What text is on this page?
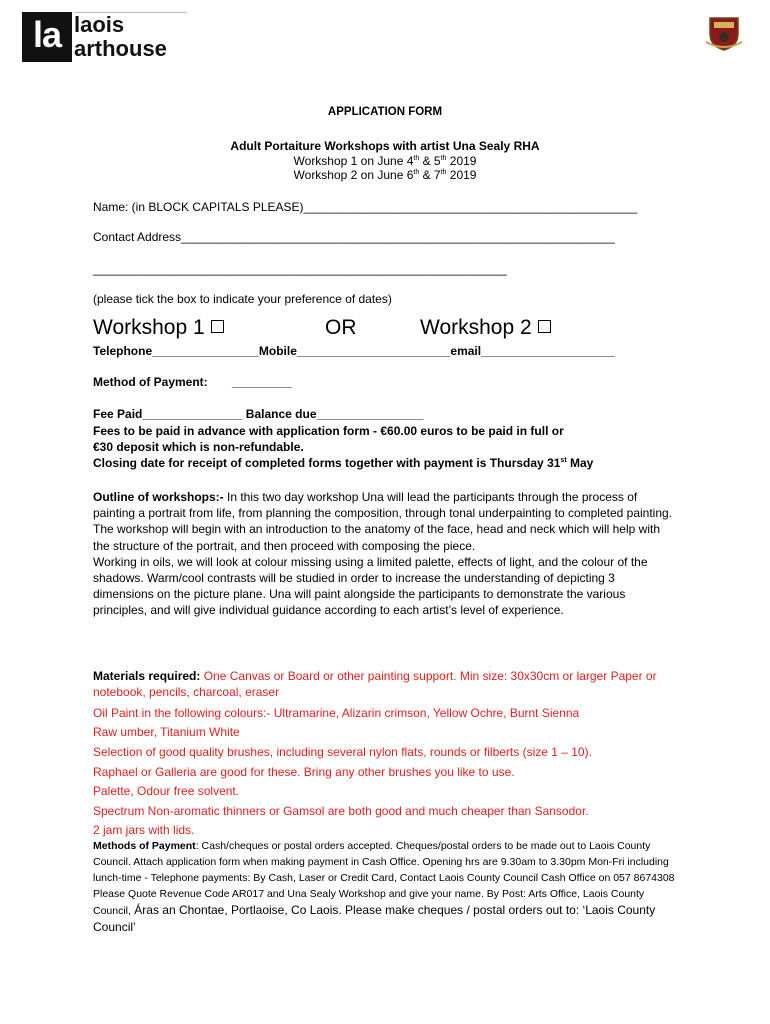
la laois
arthouse
APPLICATION FORM
Adult Portaiture Workshops with artist Una Sealy RHA
Workshop 1 on June 4th & 5th 2019
Workshop 2 on June 6th & 7th 2019
Name: (in BLOCK CAPITALS PLEASE)__________________________________________________
Contact Address_________________________________________________________________
______________________________________________________________
(please tick the box to indicate your preference of dates)
Workshop 1	OR	Workshop 2
Telephone________________Mobile_______________________email____________________
Method of Payment: _________
Fee Paid_______________ Balance due________________
Fees to be paid in advance with application form - €60.00 euros to be paid in full or
€30 deposit which is non-refundable.
Closing date for receipt of completed forms together with payment is Thursday 31st May
Outline of workshops:- In this two day workshop Una will lead the participants through the process of painting a portrait from life, from planning the composition, through tonal underpainting to completed painting.
The workshop will begin with an introduction to the anatomy of the face, head and neck which will help with the structure of the portrait, and then proceed with composing the piece.
Working in oils, we will look at colour missing using a limited palette, effects of light, and the colour of the shadows. Warm/cool contrasts will be studied in order to increase the understanding of depicting 3 dimensions on the picture plane. Una will paint alongside the participants to demonstrate the various principles, and will give individual guidance according to each artist’s level of experience.
Materials required: One Canvas or Board or other painting support. Min size: 30x30cm or larger Paper or notebook, pencils, charcoal, eraser
Oil Paint in the following colours:- Ultramarine, Alizarin crimson, Yellow Ochre, Burnt Sienna
Raw umber, Titanium White
Selection of good quality brushes, including several nylon flats, rounds or filberts (size 1 – 10).
Raphael or Galleria are good for these. Bring any other brushes you like to use.
Palette, Odour free solvent.
Spectrum Non-aromatic thinners or Gamsol are both good and much cheaper than Sansodor.
2 jam jars with lids.
Methods of Payment: Cash/cheques or postal orders accepted. Cheques/postal orders to be made out to Laois County Council. Attach application form when making payment in Cash Office. Opening hrs are 9.30am to 3.30pm Mon-Fri including lunch-time - Telephone payments: By Cash, Laser or Credit Card, Contact Laois County Council Cash Office on 057 8674308 Please Quote Revenue Code AR017 and Una Sealy Workshop and give your name. By Post: Arts Office, Laois County Council, Áras an Chontae, Portlaoise, Co Laois. Please make cheques / postal orders out to: ‘Laois County Council’
